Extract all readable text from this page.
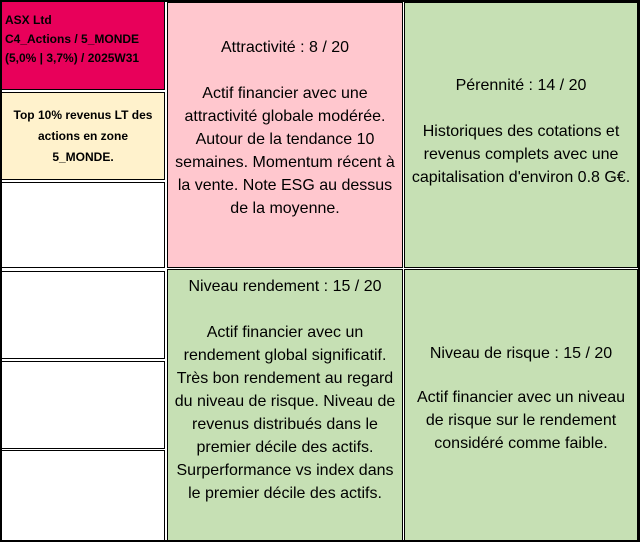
ASX Ltd
C4_Actions / 5_MONDE
(5,0% | 3,7%) / 2025W31
Top 10% revenus LT des actions en zone 5_MONDE.
Attractivité : 8 / 20
Actif financier avec une attractivité globale modérée. Autour de la tendance 10 semaines. Momentum récent à la vente. Note ESG au dessus de la moyenne.
Pérennité : 14 / 20
Historiques des cotations et revenus complets avec une capitalisation d'environ 0.8 G€.
Niveau rendement : 15 / 20
Actif financier avec un rendement global significatif. Très bon rendement au regard du niveau de risque. Niveau de revenus distribués dans le premier décile des actifs. Surperformance vs index dans le premier décile des actifs.
Niveau de risque : 15 / 20
Actif financier avec un niveau de risque sur le rendement considéré comme faible.
